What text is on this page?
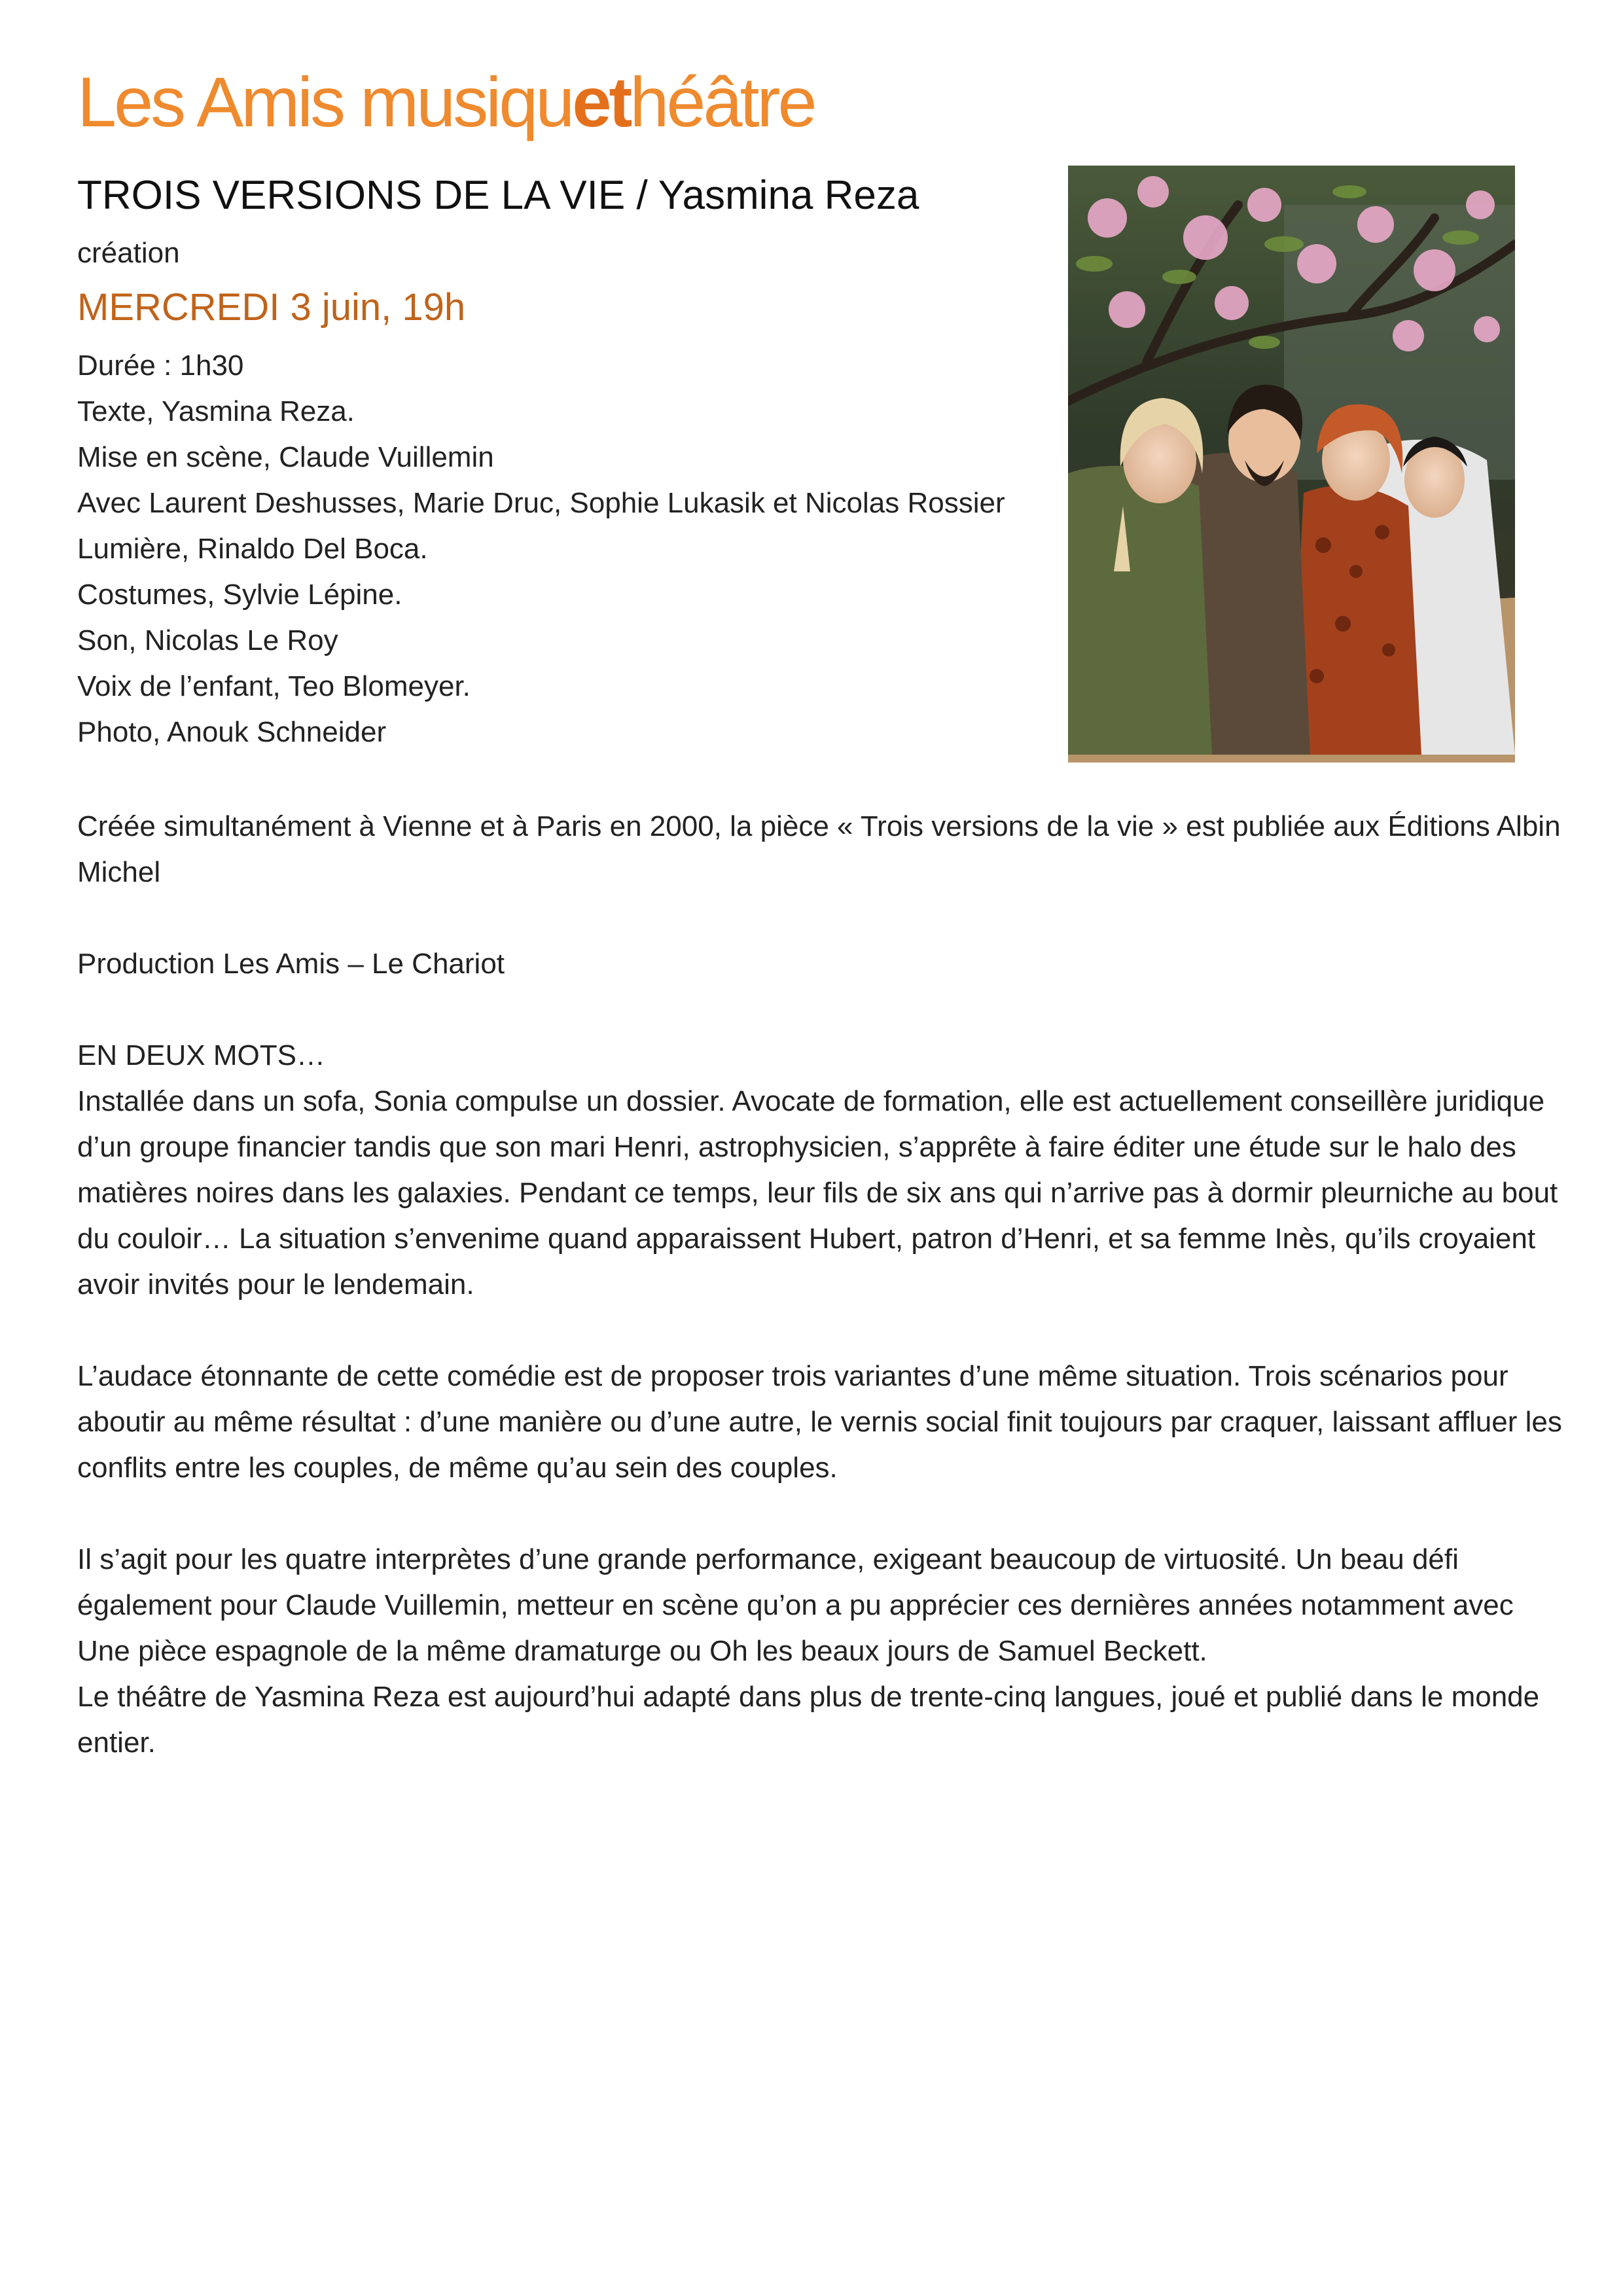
Les Amis musiquethéâtre
TROIS VERSIONS DE LA VIE / Yasmina Reza
création
MERCREDI 3 juin, 19h
Durée : 1h30
Texte, Yasmina Reza.
Mise en scène, Claude Vuillemin
Avec Laurent Deshusses, Marie Druc, Sophie Lukasik et Nicolas Rossier
Lumière, Rinaldo Del Boca.
Costumes, Sylvie Lépine.
Son, Nicolas Le Roy
Voix de l’enfant, Teo Blomeyer.
Photo, Anouk Schneider

Créée simultanément à Vienne et à Paris en 2000, la pièce « Trois versions de la vie » est publiée aux Éditions Albin Michel

Production Les Amis – Le Chariot

EN DEUX MOTS…
Installée dans un sofa, Sonia compulse un dossier. Avocate de formation, elle est actuellement conseillère juridique d’un groupe financier tandis que son mari Henri, astrophysicien, s’apprête à faire éditer une étude sur le halo des matières noires dans les galaxies. Pendant ce temps, leur fils de six ans qui n’arrive pas à dormir pleurniche au bout du couloir… La situation s’envenime quand apparaissent Hubert, patron d’Henri, et sa femme Inès, qu’ils croyaient avoir invités pour le lendemain.

L’audace étonnante de cette comédie est de proposer trois variantes d’une même situation. Trois scénarios pour aboutir au même résultat : d’une manière ou d’une autre, le vernis social finit toujours par craquer, laissant affluer les conflits entre les couples, de même qu’au sein des couples.

Il s’agit pour les quatre interprètes d’une grande performance, exigeant beaucoup de virtuosité. Un beau défi également pour Claude Vuillemin, metteur en scène qu’on a pu apprécier ces dernières années notamment avec Une pièce espagnole de la même dramaturge ou Oh les beaux jours de Samuel Beckett.

Le théâtre de Yasmina Reza est aujourd’hui adapté dans plus de trente-cinq langues, joué et publié dans le monde entier.
